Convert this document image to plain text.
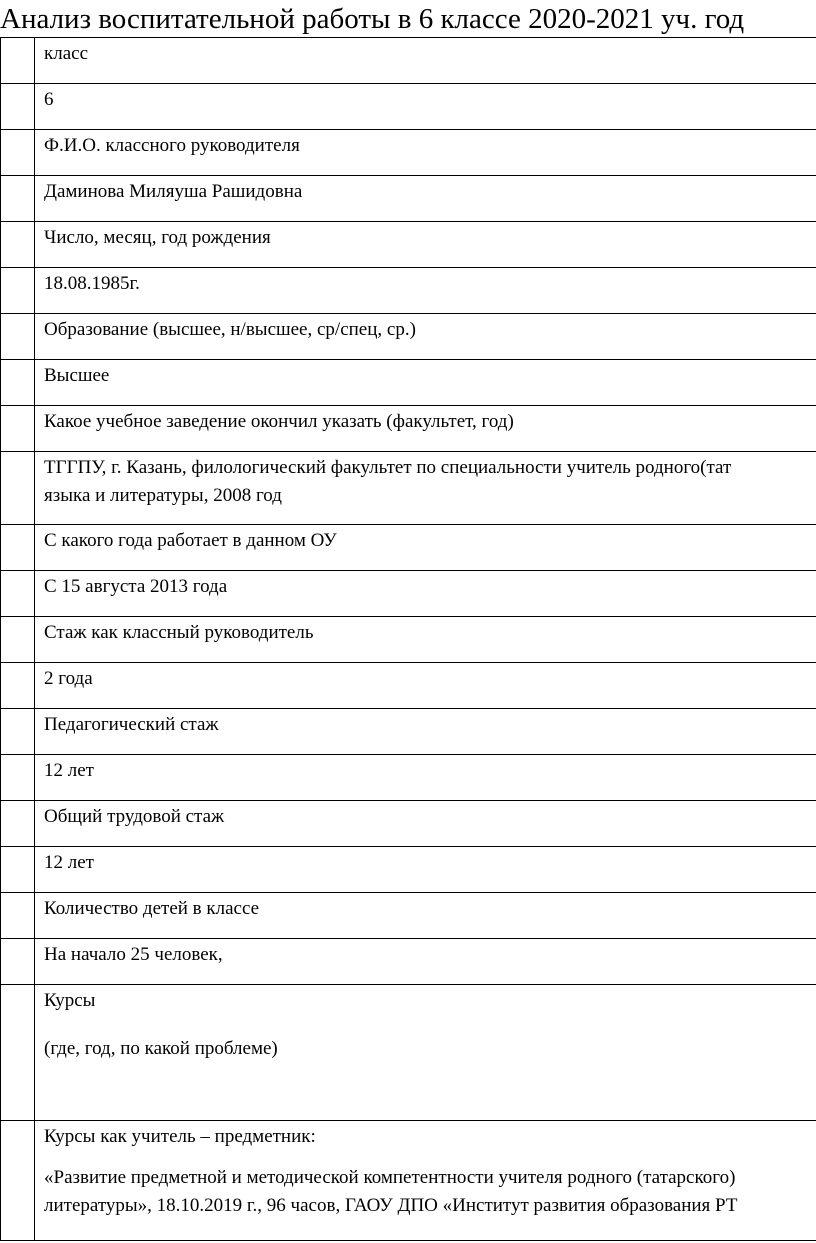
Анализ воспитательной работы в 6 классе 2020-2021 уч. год
класс
6
Ф.И.О. классного руководителя
Даминова Миляуша Рашидовна
Число, месяц, год рождения
18.08.1985г.
Образование (высшее, н/высшее, ср/спец, ср.)
Высшее
Какое учебное заведение окончил указать (факультет, год)
ТГГПУ, г. Казань, филологический факультет по специальности учитель родного(тат
языка и литературы, 2008 год
С какого года работает в данном ОУ
С 15 августа 2013 года
Стаж как классный руководитель
2 года
Педагогический стаж
12 лет
Общий трудовой стаж
12 лет
Количество детей в классе
На начало 25 человек,
Курсы
(где, год, по какой проблеме)
Курсы как учитель – предметник:
«Развитие предметной и методической компетентности учителя родного (татарского)
литературы», 18.10.2019 г., 96 часов, ГАОУ ДПО «Институт развития образования РТ
